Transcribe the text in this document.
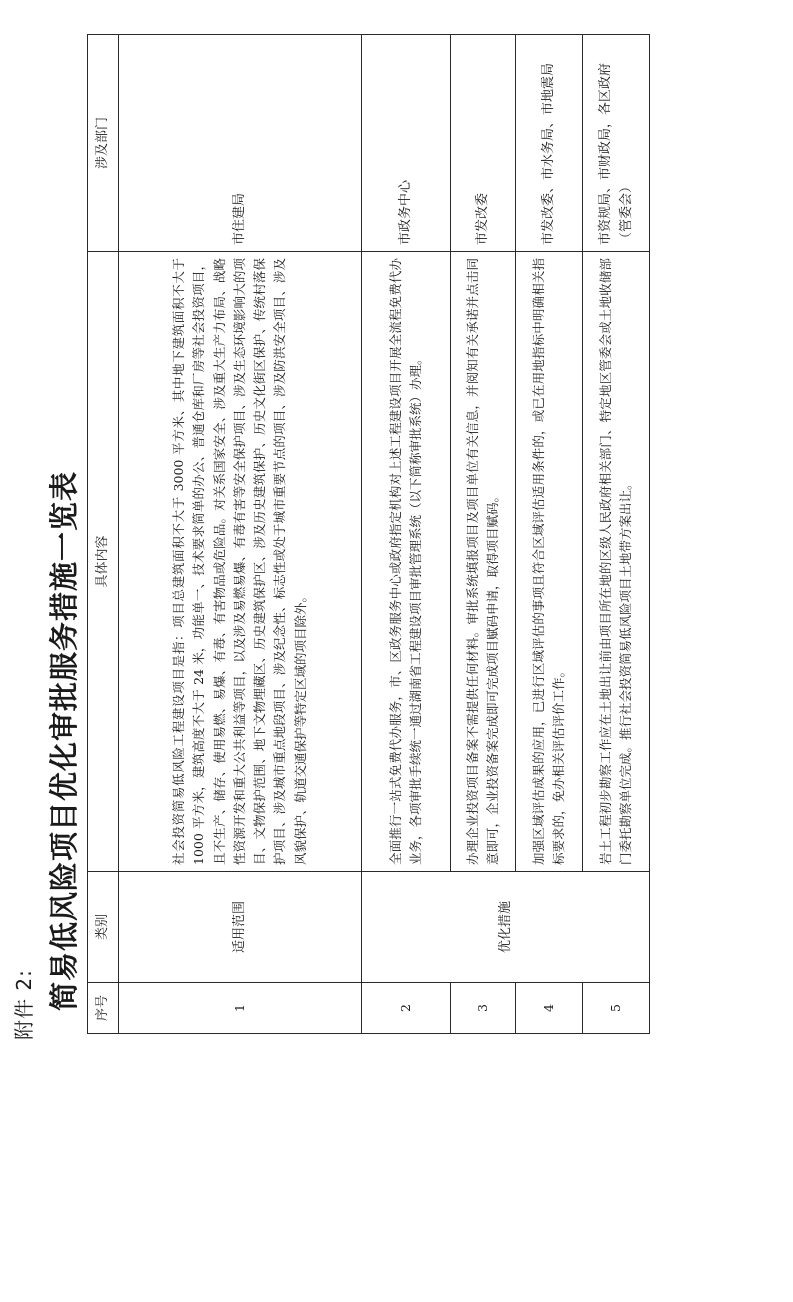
附件 2: 简易低风险项目优化审批服务措施一览表 序号	类别	具体内容	涉及部门
1	适用范围	社会投资简易低风险工程建设项目是指：项目总建筑面积不大于 3000 平方米、其中地下建筑面积不大于 1000 平方米，建筑高度不大于 24 米，功能单一、技术要求简单的办公、普通仓库和厂房等社会投资项目，且不生产、储存、使用易燃、易爆、有毒、有害物品或危险品。对关系国家安全、涉及重大生产力布局、战略性资源开发和重大公共利益等项目，以及涉及易燃易爆、有毒有害等安全保护项目、涉及生态环境影响大的项目、文物保护范围、地下文物埋藏区、历史建筑保护区、涉及历史建筑保护、历史文化街区保护、传统村落保护项目、涉及城市重点地段项目、涉及纪念性、标志性或处于城市重要节点的项目、涉及防洪安全项目、涉及风貌保护、轨道交通保护等特定区域的项目除外。	市住建局
2	优化措施	全面推行一站式免费代办服务，市、区政务服务中心或政府指定机构对上述工程建设项目开展全流程免费代办业务，各项审批手续统一通过湖南省工程建设项目审批管理系统（以下简称审批系统）办理。	市政务中心
3		办理企业投资项目备案不需提供任何材料。审批系统填报项目及项目单位有关信息，并阅知有关承诺并点击同意即可，企业投资备案完成即可完成项目赋码申请，取得项目赋码。	市发改委
4		加强区域评估成果的应用，已进行区域评估的事项且符合区域评估适用条件的，或已在用地指标中明确相关指标要求的，免办相关评估评价工作。	市发改委、市水务局、市地震局
5		岩土工程初步勘察工作应在土地出让前由项目所在地的区级人民政府相关部门、特定地区管委会或土地收储部门委托勘察单位完成。推行社会投资简易低风险项目土地带方案出让。	市资规局、市财政局，各区政府（管委会）
